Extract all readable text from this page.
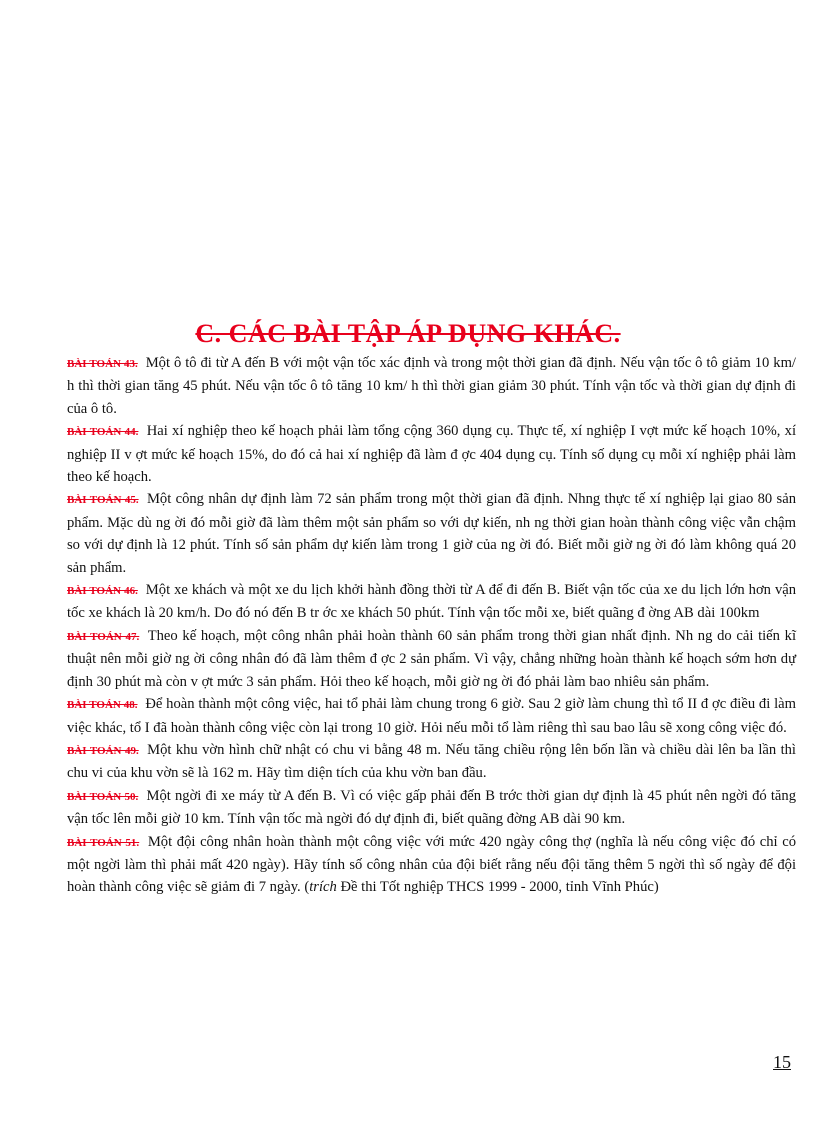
C. CÁC BÀI TẬP ÁP DỤNG KHÁC.

BÀI TOÁN 43. Một ô tô đi từ A đến B với một vận tốc xác định và trong một thời gian đã định. Nếu vận tốc ô tô giảm 10 km/ h thì thời gian tăng 45 phút. Nếu vận tốc ô tô tăng 10 km/ h thì thời gian giảm 30 phút. Tính vận tốc và thời gian dự định đi của ô tô.

BÀI TOÁN 44. Hai xí nghiệp theo kế hoạch phải làm tổng cộng 360 dụng cụ. Thực tế, xí nghiệp I vợt mức kế hoạch 10%, xí nghiệp II v ợt mức kế hoạch 15%, do đó cả hai xí nghiệp đã làm đ ợc 404 dụng cụ. Tính số dụng cụ mỗi xí nghiệp phải làm theo kế hoạch.

BÀI TOÁN 45. Một công nhân dự định làm 72 sản phẩm trong một thời gian đã định. Nhng thực tế xí nghiệp lại giao 80 sản phẩm. Mặc dù ng ời đó mỗi giờ đã làm thêm một sản phẩm so với dự kiến, nh ng thời gian hoàn thành công việc vẫn chậm so với dự định là 12 phút. Tính số sản phẩm dự kiến làm trong 1 giờ của ng ời đó. Biết mỗi giờ ng ời đó làm không quá 20 sản phẩm.

BÀI TOÁN 46. Một xe khách và một xe du lịch khởi hành đồng thời từ A để đi đến B. Biết vận tốc của xe du lịch lớn hơn vận tốc xe khách là 20 km/h. Do đó nó đến B tr ớc xe khách 50 phút. Tính vận tốc mỗi xe, biết quãng đ ờng AB dài 100km

BÀI TOÁN 47. Theo kế hoạch, một công nhân phải hoàn thành 60 sản phẩm trong thời gian nhất định. Nh ng do cải tiến kĩ thuật nên mỗi giờ ng ời công nhân đó đã làm thêm đ ợc 2 sản phẩm. Vì vậy, chẳng những hoàn thành kế hoạch sớm hơn dự định 30 phút mà còn v ợt mức 3 sản phẩm. Hỏi theo kế hoạch, mỗi giờ ng ời đó phải làm bao nhiêu sản phẩm.

BÀI TOÁN 48. Để hoàn thành một công việc, hai tổ phải làm chung trong 6 giờ. Sau 2 giờ làm chung thì tổ II đ ợc điều đi làm việc khác, tổ I đã hoàn thành công việc còn lại trong 10 giờ. Hỏi nếu mỗi tổ làm riêng thì sau bao lâu sẽ xong công việc đó.

BÀI TOÁN 49. Một khu vờn hình chữ nhật có chu vi bằng 48 m. Nếu tăng chiều rộng lên bốn lần và chiều dài lên ba lần thì chu vi của khu vờn sẽ là 162 m. Hãy tìm diện tích của khu vờn ban đầu.

BÀI TOÁN 50. Một ngời đi xe máy từ A đến B. Vì có việc gấp phải đến B trớc thời gian dự định là 45 phút nên ngời đó tăng vận tốc lên mỗi giờ 10 km. Tính vận tốc mà ngời đó dự định đi, biết quãng đờng AB dài 90 km.

BÀI TOÁN 51. Một đội công nhân hoàn thành một công việc với mức 420 ngày công thợ (nghĩa là nếu công việc đó chỉ có một ngời làm thì phải mất 420 ngày). Hãy tính số công nhân của đội biết rằng nếu đội tăng thêm 5 ngời thì số ngày để đội hoàn thành công việc sẽ giảm đi 7 ngày. (trích Đề thi Tốt nghiệp THCS 1999 - 2000, tỉnh Vĩnh Phúc)

15
